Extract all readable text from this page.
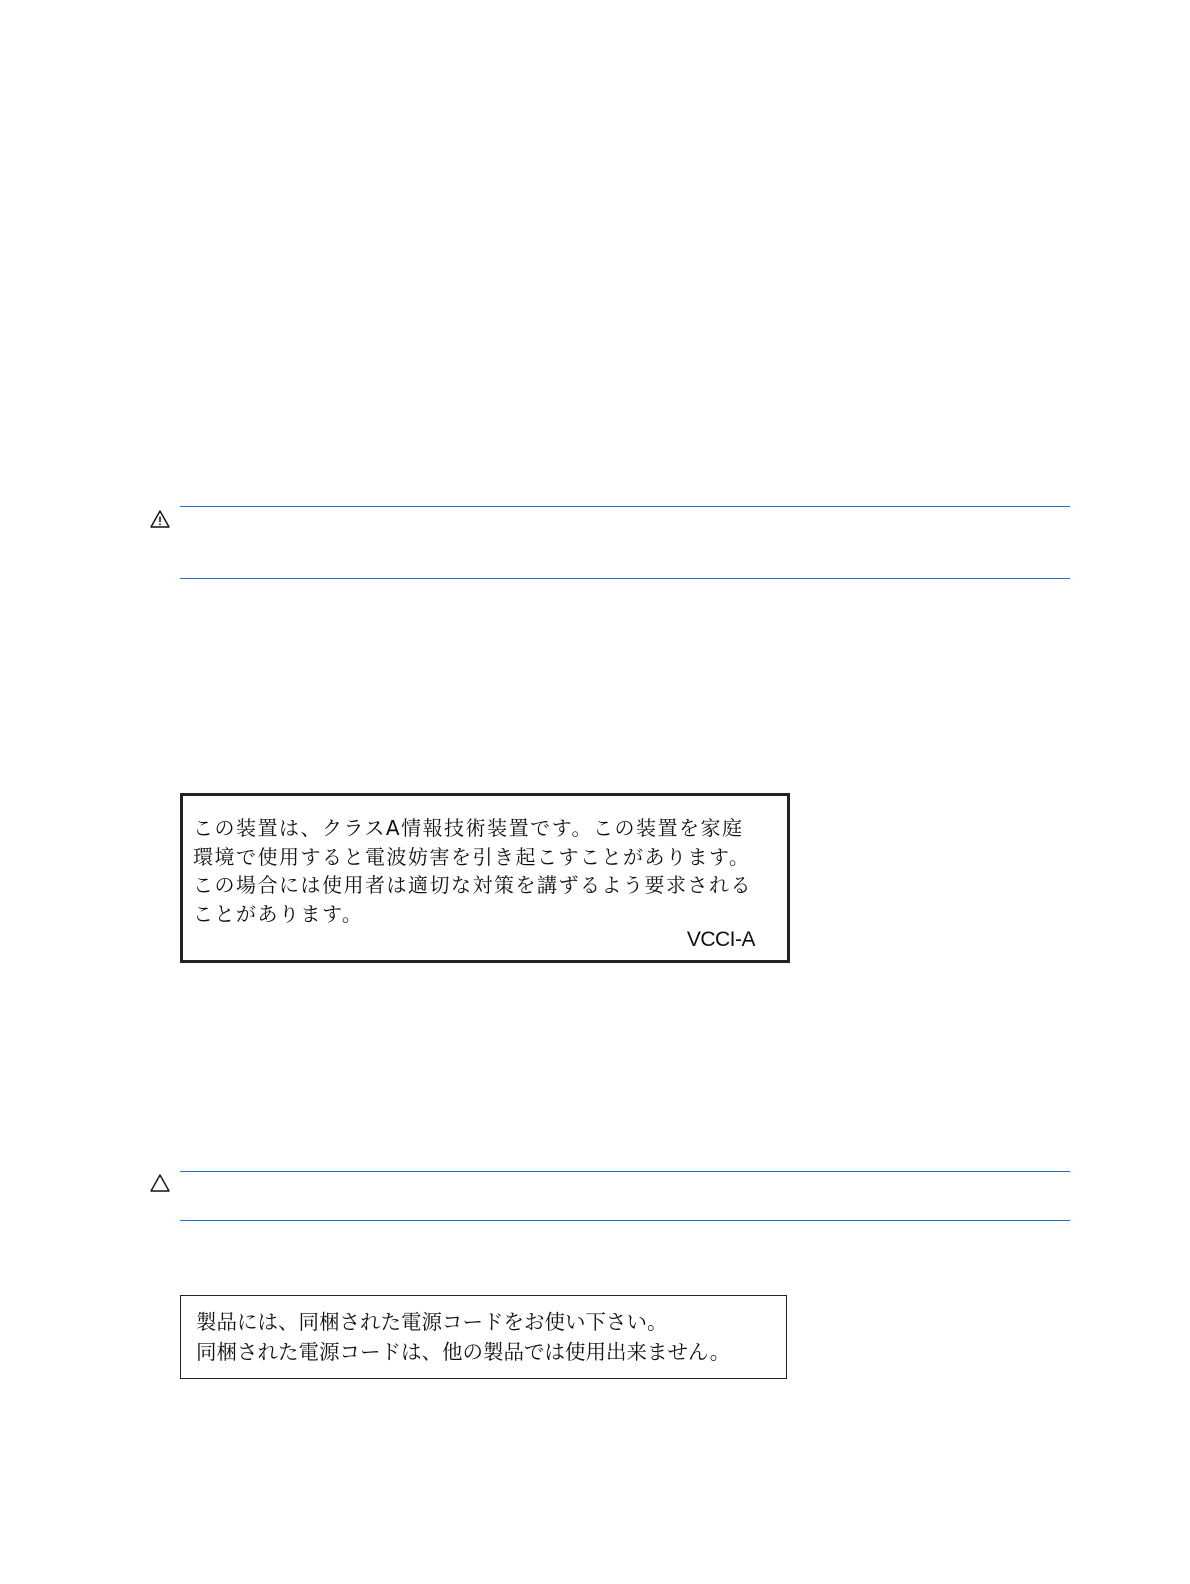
この装置は、クラスA情報技術装置です。この装置を家庭
環境で使用すると電波妨害を引き起こすことがあります。
この場合には使用者は適切な対策を講ずるよう要求される
ことがあります。
VCCI-A
製品には、同梱された電源コードをお使い下さい。
同梱された電源コードは、他の製品では使用出来ません。
